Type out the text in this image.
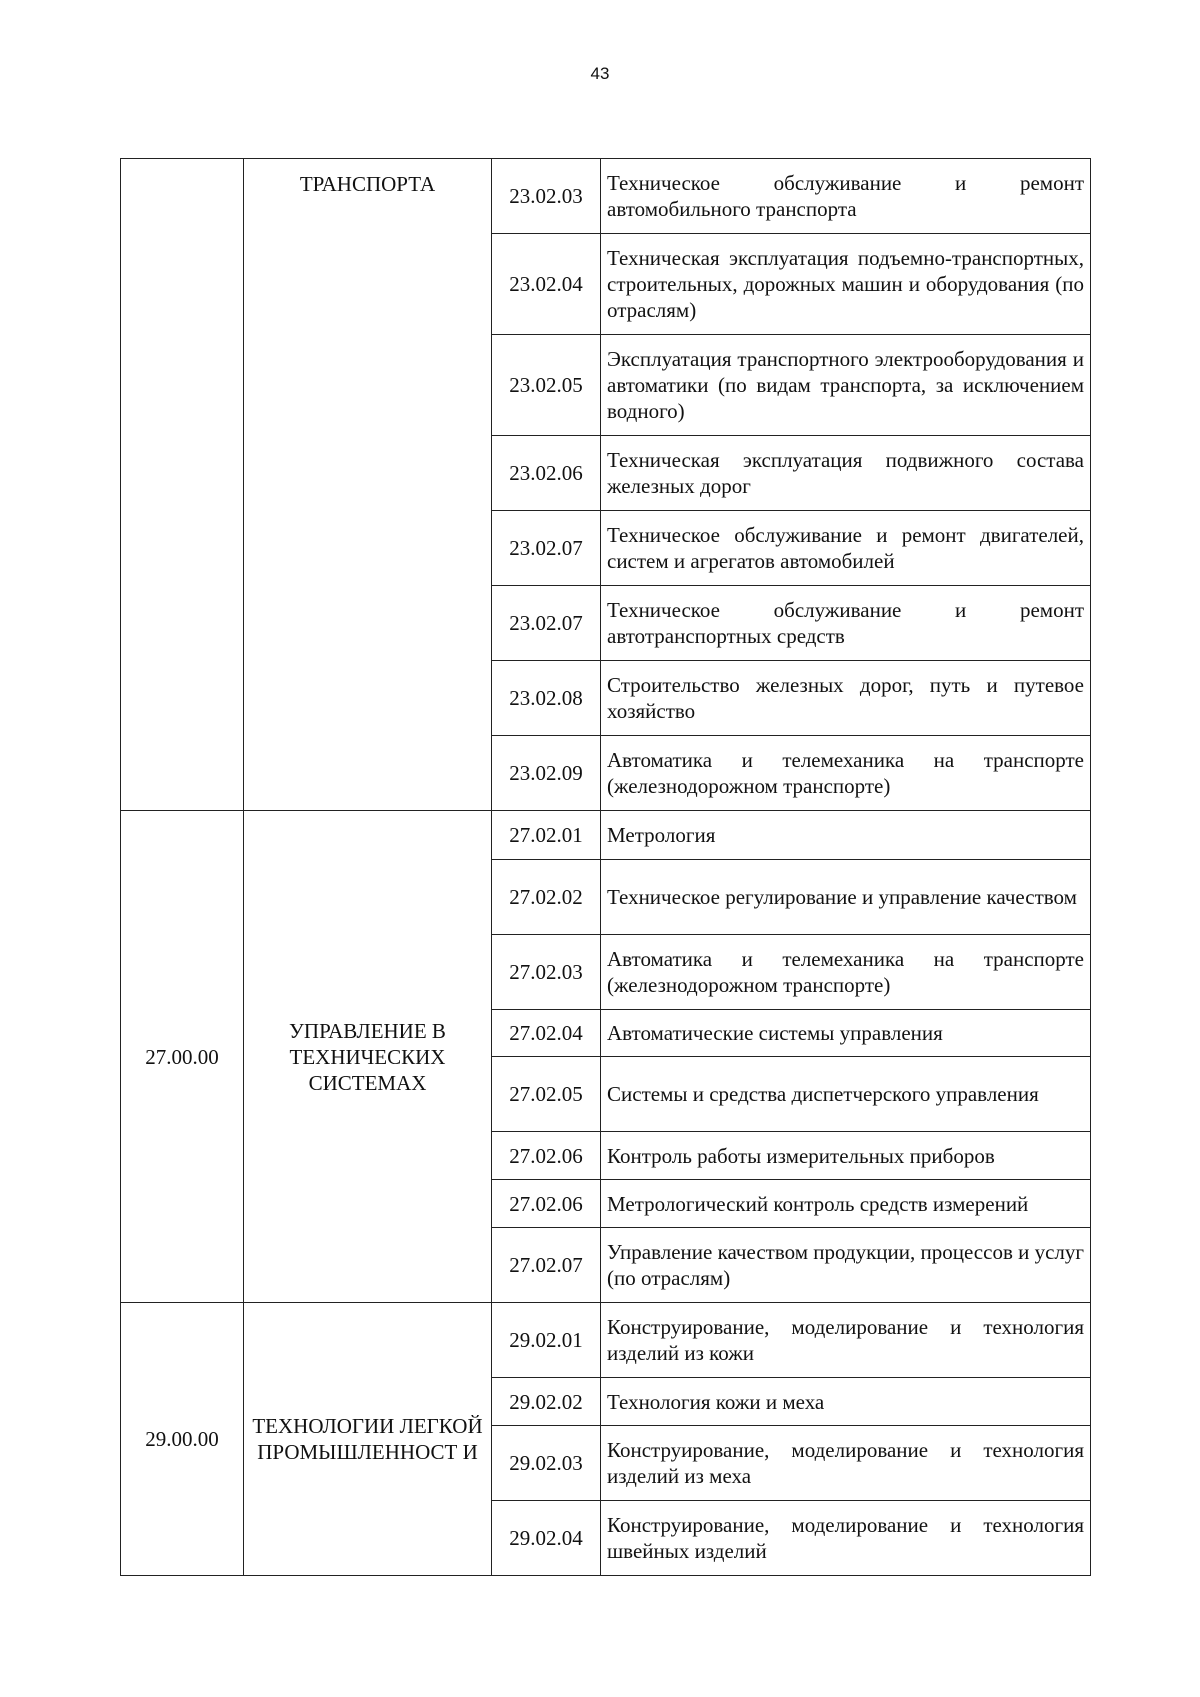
43
	ТРАНСПОРТА	23.02.03	Техническое обслуживание и ремонт автомобильного транспорта
		23.02.04	Техническая эксплуатация подъемно-транспортных, строительных, дорожных машин и оборудования (по отраслям)
		23.02.05	Эксплуатация транспортного электрооборудования и автоматики (по видам транспорта, за исключением водного)
		23.02.06	Техническая эксплуатация подвижного состава железных дорог
		23.02.07	Техническое обслуживание и ремонт двигателей, систем и агрегатов автомобилей
		23.02.07	Техническое обслуживание и ремонт автотранспортных средств
		23.02.08	Строительство железных дорог, путь и путевое хозяйство
		23.02.09	Автоматика и телемеханика на транспорте (железнодорожном транспорте)
27.00.00	УПРАВЛЕНИЕ В ТЕХНИЧЕСКИХ СИСТЕМАХ	27.02.01	Метрология
		27.02.02	Техническое регулирование и управление качеством
		27.02.03	Автоматика и телемеханика на транспорте (железнодорожном транспорте)
		27.02.04	Автоматические системы управления
		27.02.05	Системы и средства диспетчерского управления
		27.02.06	Контроль работы измерительных приборов
		27.02.06	Метрологический контроль средств измерений
		27.02.07	Управление качеством продукции, процессов и услуг (по отраслям)
29.00.00	ТЕХНОЛОГИИ ЛЕГКОЙ ПРОМЫШЛЕННОСТ И	29.02.01	Конструирование, моделирование и технология изделий из кожи
		29.02.02	Технология кожи и меха
		29.02.03	Конструирование, моделирование и технология изделий из меха
		29.02.04	Конструирование, моделирование и технология швейных изделий
